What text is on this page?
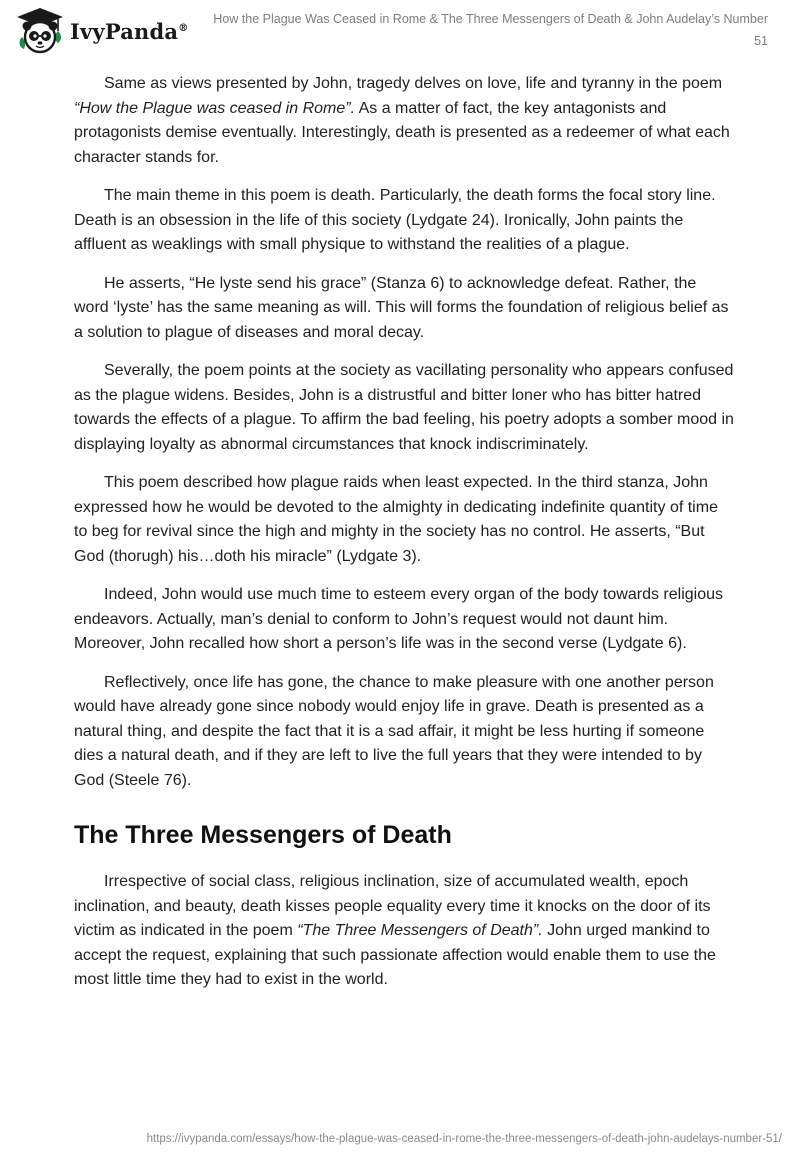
IvyPanda®
How the Plague Was Ceased in Rome & The Three Messengers of Death & John Audelay’s Number
51

Same as views presented by John, tragedy delves on love, life and tyranny in the poem “How the Plague was ceased in Rome”. As a matter of fact, the key antagonists and protagonists demise eventually. Interestingly, death is presented as a redeemer of what each character stands for.

The main theme in this poem is death. Particularly, the death forms the focal story line. Death is an obsession in the life of this society (Lydgate 24). Ironically, John paints the affluent as weaklings with small physique to withstand the realities of a plague.

He asserts, “He lyste send his grace” (Stanza 6) to acknowledge defeat. Rather, the word ‘lyste’ has the same meaning as will. This will forms the foundation of religious belief as a solution to plague of diseases and moral decay.

Severally, the poem points at the society as vacillating personality who appears confused as the plague widens. Besides, John is a distrustful and bitter loner who has bitter hatred towards the effects of a plague. To affirm the bad feeling, his poetry adopts a somber mood in displaying loyalty as abnormal circumstances that knock indiscriminately.

This poem described how plague raids when least expected. In the third stanza, John expressed how he would be devoted to the almighty in dedicating indefinite quantity of time to beg for revival since the high and mighty in the society has no control. He asserts, “But God (thorugh) his…doth his miracle” (Lydgate 3).

Indeed, John would use much time to esteem every organ of the body towards religious endeavors. Actually, man’s denial to conform to John’s request would not daunt him. Moreover, John recalled how short a person’s life was in the second verse (Lydgate 6).

Reflectively, once life has gone, the chance to make pleasure with one another person would have already gone since nobody would enjoy life in grave. Death is presented as a natural thing, and despite the fact that it is a sad affair, it might be less hurting if someone dies a natural death, and if they are left to live the full years that they were intended to by God (Steele 76).

The Three Messengers of Death

Irrespective of social class, religious inclination, size of accumulated wealth, epoch inclination, and beauty, death kisses people equality every time it knocks on the door of its victim as indicated in the poem “The Three Messengers of Death”. John urged mankind to accept the request, explaining that such passionate affection would enable them to use the most little time they had to exist in the world.

https://ivypanda.com/essays/how-the-plague-was-ceased-in-rome-the-three-messengers-of-death-john-audelays-number-51/
